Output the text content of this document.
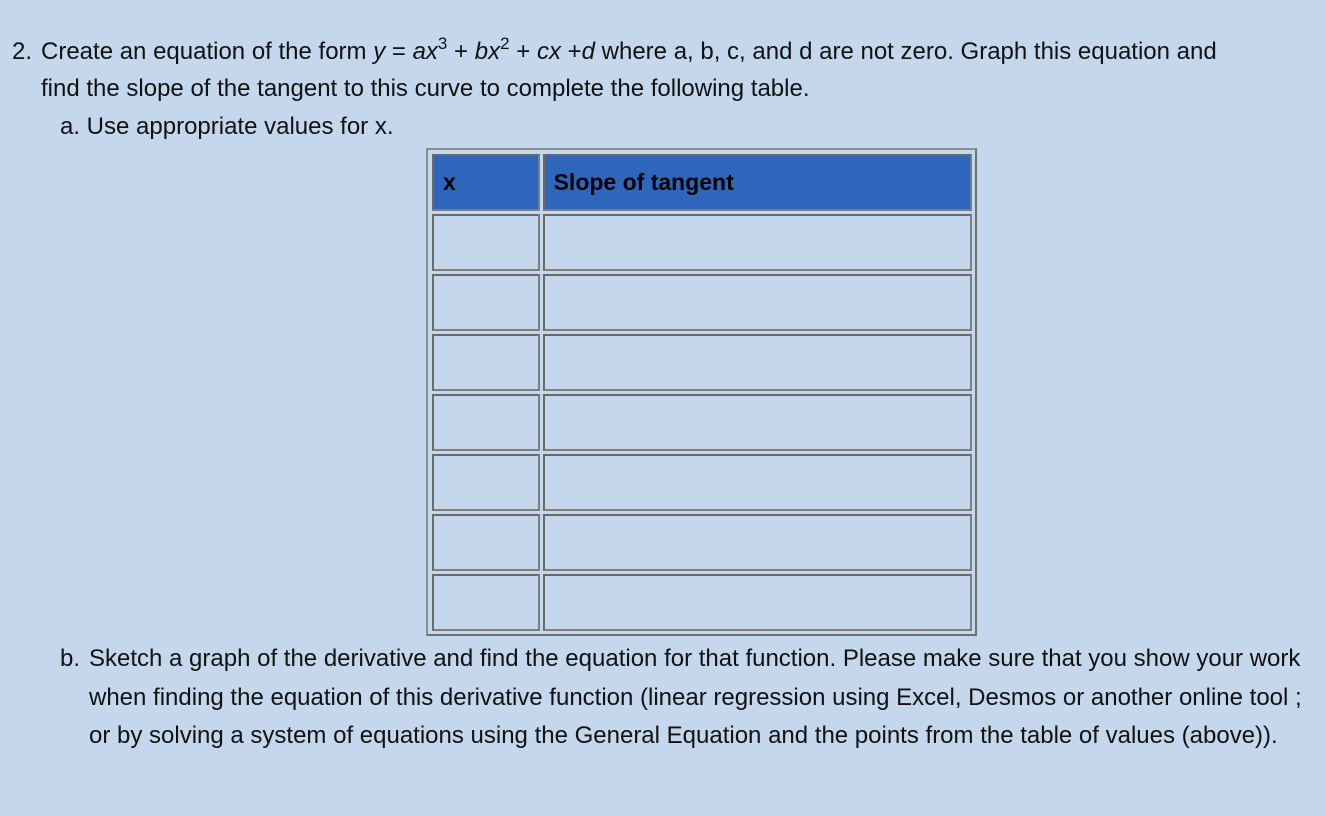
2. Create an equation of the form $y = ax^3 + bx^2$ + cx +d where a, b, c, and d are not zero. Graph this equation and
find the slope of the tangent to this curve to complete the following table.
a. Use appropriate values for x.
x	Slope of tangent

b. Sketch a graph of the derivative and find the equation for that function. Please make sure that you show your work when finding the equation of this derivative function (linear regression using Excel, Desmos or another online tool ; or by solving a system of equations using the General Equation and the points from the table of values (above)).
